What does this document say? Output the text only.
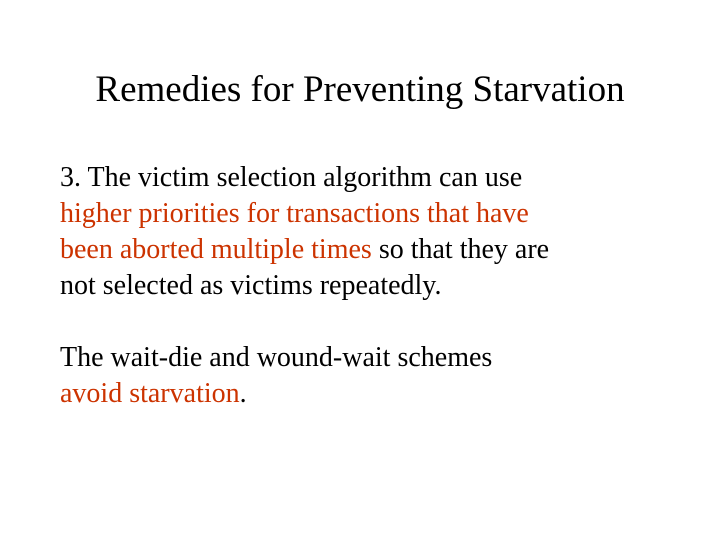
Remedies for Preventing Starvation

3. The victim selection algorithm can use
higher priorities for transactions that have
been aborted multiple times so that they are
not selected as victims repeatedly.

The wait-die and wound-wait schemes
avoid starvation.
